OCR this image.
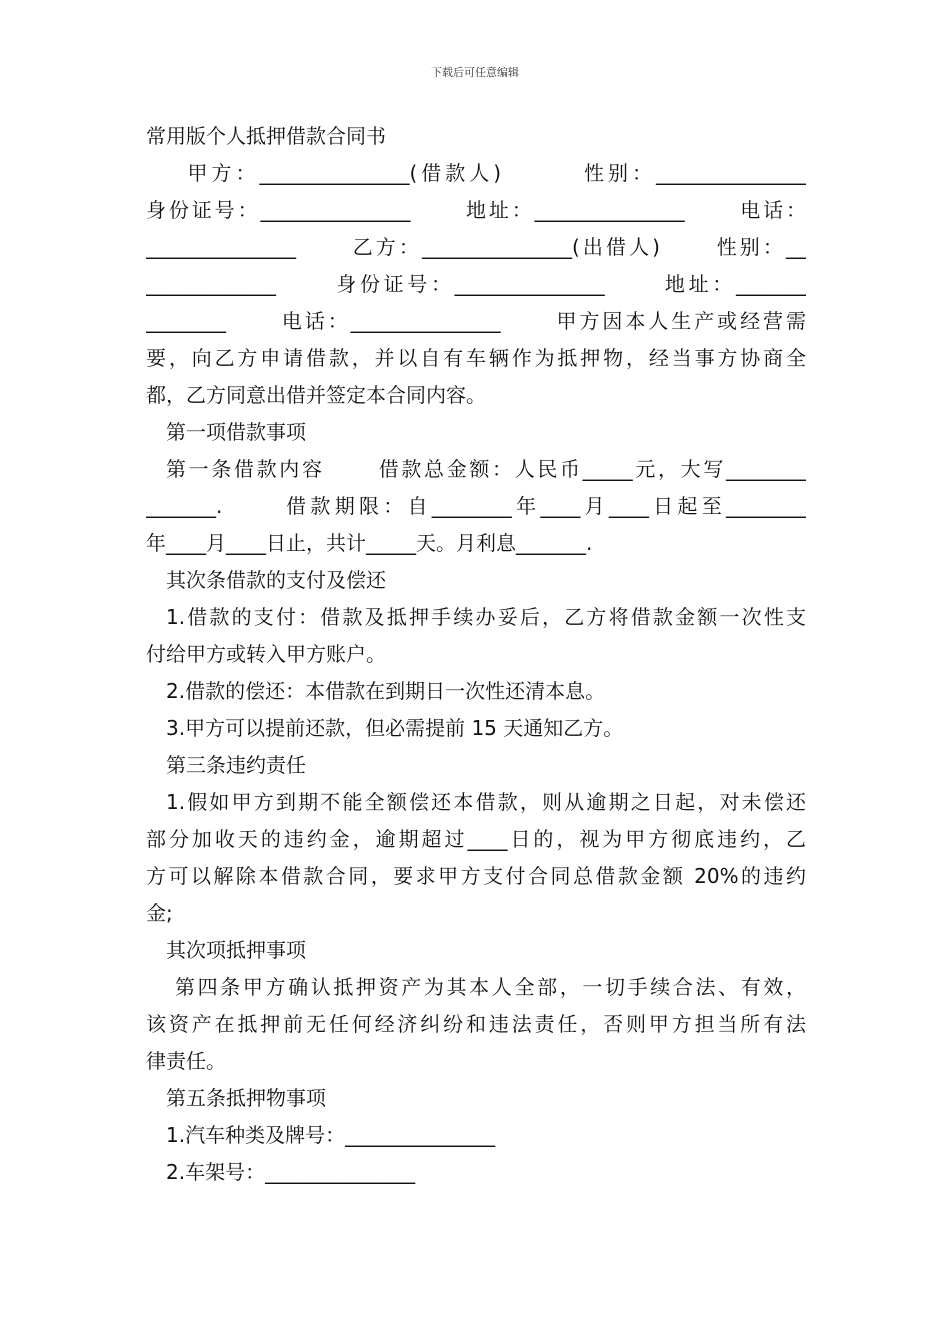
下载后可任意编辑
常用版个人抵押借款合同书
甲方：_______________(借款人)        性别：_______________
身份证号：_______________      地址：_______________      电话：
_______________      乙方：_______________(出借人)      性别：__
_____________      身份证号：_______________      地址：_______
________      电话：_______________      甲方因本人生产或经营需
要，向乙方申请借款，并以自有车辆作为抵押物，经当事方协商全
都，乙方同意出借并签定本合同内容。
第一项借款事项
第一条借款内容      借款总金额：人民币_____元，大写________
_______.      借款期限：自________年____月____日起至________
年____月____日止，共计_____天。月利息_______.
其次条借款的支付及偿还
1.借款的支付：借款及抵押手续办妥后，乙方将借款金额一次性支
付给甲方或转入甲方账户。
2.借款的偿还：本借款在到期日一次性还清本息。
3.甲方可以提前还款，但必需提前 15 天通知乙方。
第三条违约责任
1.假如甲方到期不能全额偿还本借款，则从逾期之日起，对未偿还
部分加收天的违约金，逾期超过____日的，视为甲方彻底违约，乙
方可以解除本借款合同，要求甲方支付合同总借款金额 20%的违约
金;
其次项抵押事项
第四条甲方确认抵押资产为其本人全部，一切手续合法、有效，
该资产在抵押前无任何经济纠纷和违法责任，否则甲方担当所有法
律责任。
第五条抵押物事项
1.汽车种类及牌号：_______________
2.车架号：_______________
